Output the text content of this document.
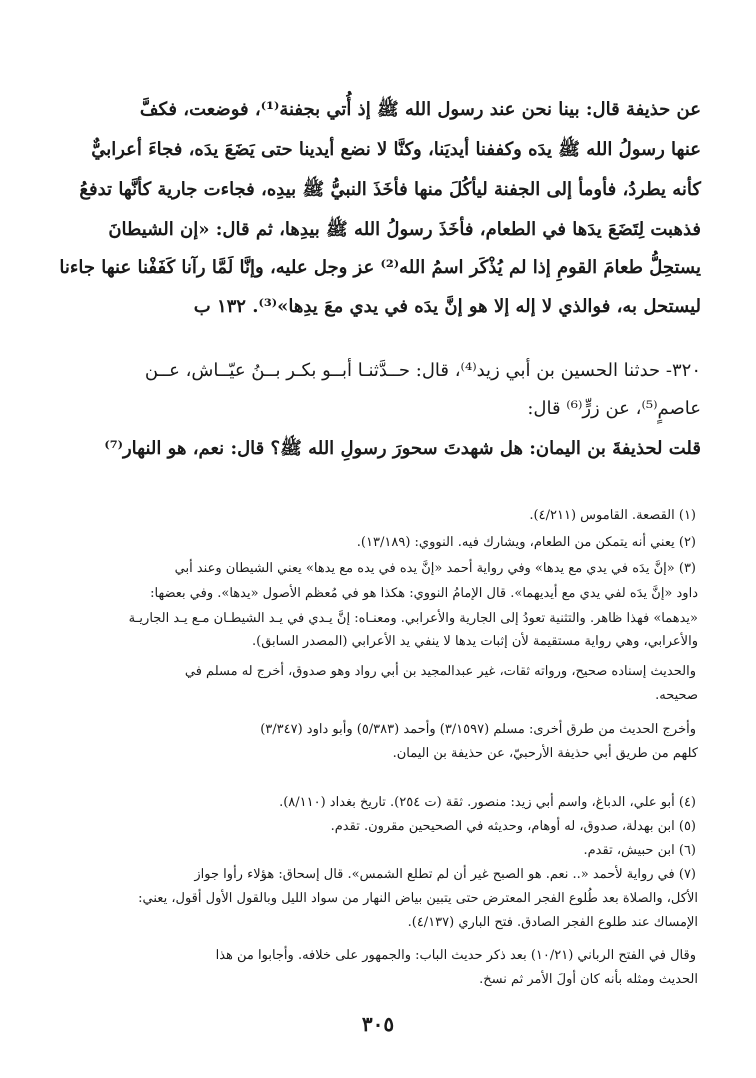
عن حذيفة قال: بينا نحن عند رسول الله ﷺ إذ أُتي بجفنة⁽¹⁾، فوضعت، فكفَّ

عنها رسولُ الله ﷺ يدَه وكففنا أيديَنا، وكنَّا لا نضع أيدينا حتى يَضَعَ يدَه، فجاءَ أعرابيٌّ

كأنه يطردُ، فأومأ إلى الجفنة ليأكُلَ منها فأخَذَ النبيُّ ﷺ بيدِه، فجاءت جارية كأنَّها تدفعُ

فذهبت لِتَضَعَ يدَها في الطعام، فأخَذَ رسولُ الله ﷺ بيدِها، ثم قال: «إن الشيطانَ

يستحِلُّ طعامَ القومِ إذا لم يُذْكَر اسمُ الله⁽²⁾ عز وجل عليه، وإنَّا لَمَّا رآنا كَفَفْنا عنها جاءنا

ليستحل به، فوالذي لا إله إلا هو إنَّ يدَه في يدي معَ يدِها»⁽³⁾. ١٣٢ ب

٣٢٠- حدثنا الحسين بن أبي زيد⁽⁴⁾، قال: حــدَّثنـا أبــو بكـر بــنُ عيّــاش، عــن

عاصمٍ⁽⁵⁾، عن زرٍّ⁽⁶⁾ قال:

قلت لحذيفةَ بن اليمان: هل شهدتَ سحورَ رسولِ الله ﷺ؟ قال: نعم، هو النهار⁽⁷⁾

(١) القصعة. القاموس (٤/٢١١).

(٢) يعني أنه يتمكن من الطعام، ويشارك فيه. النووي: (١٣/١٨٩).

(٣) «إنَّ يدَه في يدي مع يدها» وفي رواية أحمد «إنَّ يده في يده مع يدها» يعني الشيطان وعند أبي

داود «إنَّ يدَه لفي يدي مع أيديهما». قال الإمامُ النووي: هكذا هو في مُعظم الأصول «يدها». وفي بعضها:

«يدهما» فهذا ظاهر. والتثنية تعودُ إلى الجارية والأعرابي. ومعنـاه: إنَّ يـدي في يـد الشيطـان مـع يـد الجاريـة

والأعرابي، وهي رواية مستقيمة لأن إثبات يدها لا ينفي يد الأعرابي (المصدر السابق).

والحديث إسناده صحيح، ورواته ثقات، غير عبدالمجيد بن أبي رواد وهو صدوق، أخرج له مسلم في

صحيحه.

وأخرج الحديث من طرق أخرى: مسلم (٣/١٥٩٧) وأحمد (٥/٣٨٣) وأبو داود (٣/٣٤٧)

كلهم من طريق أبي حذيفة الأرحبيّ، عن حذيفة بن اليمان.

(٤) أبو علي، الدباغ، واسم أبي زيد: منصور. ثقة (ت ٢٥٤). تاريخ بغداد (٨/١١٠).

(٥) ابن بهدلة، صدوق، له أوهام، وحديثه في الصحيحين مقرون. تقدم.

(٦) ابن حبيش، تقدم.

(٧) في رواية لأحمد «.. نعم. هو الصبح غير أن لم تطلع الشمس». قال إسحاق: هؤلاء رأوا جواز

الأكل، والصلاة بعد طُلوع الفجر المعترض حتى يتبين بياض النهار من سواد الليل وبالقول الأول أقول، يعني:

الإمساك عند طلوع الفجر الصادق. فتح الباري (٤/١٣٧).

وقال في الفتح الرباني (١٠/٢١) بعد ذكر حديث الباب: والجمهور على خلافه. وأجابوا من هذا

الحديث ومثله بأنه كان أولَ الأمر ثم نسخ.

٣٠٥
